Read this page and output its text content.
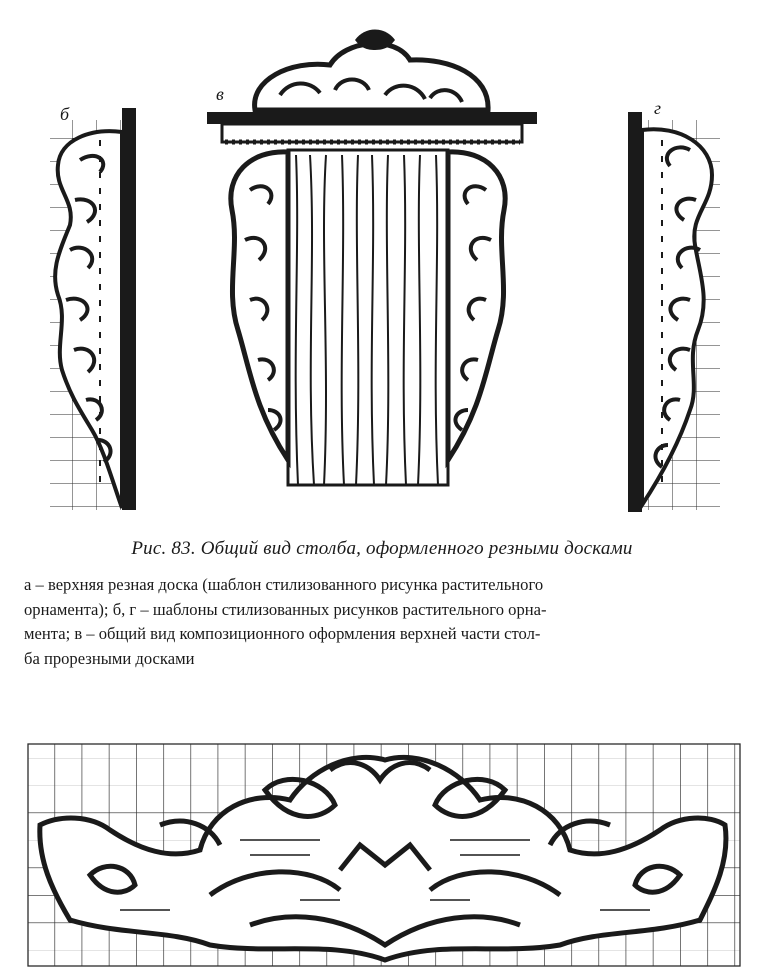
б
в
г
Рис. 83. Общий вид столба, оформленного резными досками
а – верхняя резная доска (шаблон стилизованного рисунка растительного
орнамента); б, г – шаблоны стилизованных рисунков растительного орна-
мента; в – общий вид композиционного оформления верхней части стол-
ба прорезными досками
